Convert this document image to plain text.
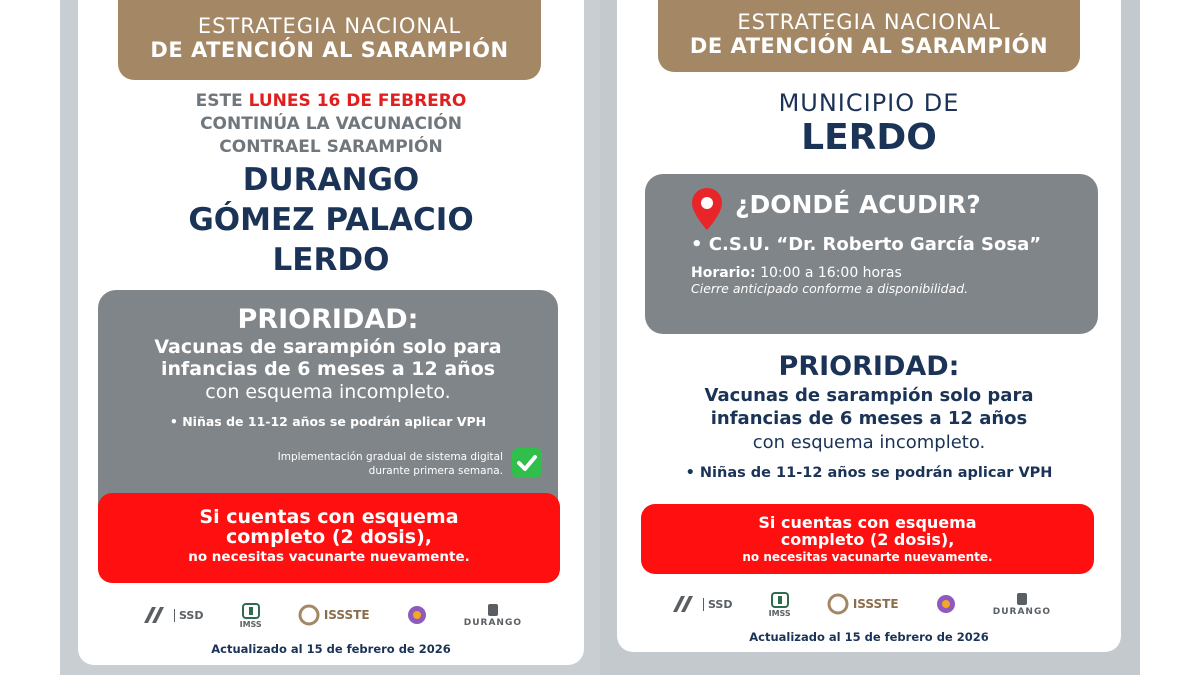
ESTRATEGIA NACIONAL
DE ATENCIÓN AL SARAMPIÓN
ESTE LUNES 16 DE FEBRERO
CONTINÚA LA VACUNACIÓN
CONTRAEL SARAMPIÓN
DURANGO
GÓMEZ PALACIO
LERDO
PRIORIDAD:
Vacunas de sarampión solo para
infancias de 6 meses a 12 años
con esquema incompleto.
• Niñas de 11-12 años se podrán aplicar VPH
Implementación gradual de sistema digital
durante primera semana.
Si cuentas con esquema
completo (2 dosis),
no necesitas vacunarte nuevamente.
SSD
IMSS
ISSSTE
DURANGO
Actualizado al 15 de febrero de 2026
ESTRATEGIA NACIONAL
DE ATENCIÓN AL SARAMPIÓN
MUNICIPIO DE
LERDO
¿DONDÉ ACUDIR?
• C.S.U. “Dr. Roberto García Sosa”
Horario: 10:00 a 16:00 horas
Cierre anticipado conforme a disponibilidad.
PRIORIDAD:
Vacunas de sarampión solo para
infancias de 6 meses a 12 años
con esquema incompleto.
• Niñas de 11-12 años se podrán aplicar VPH
Si cuentas con esquema
completo (2 dosis),
no necesitas vacunarte nuevamente.
SSD
IMSS
ISSSTE
DURANGO
Actualizado al 15 de febrero de 2026
